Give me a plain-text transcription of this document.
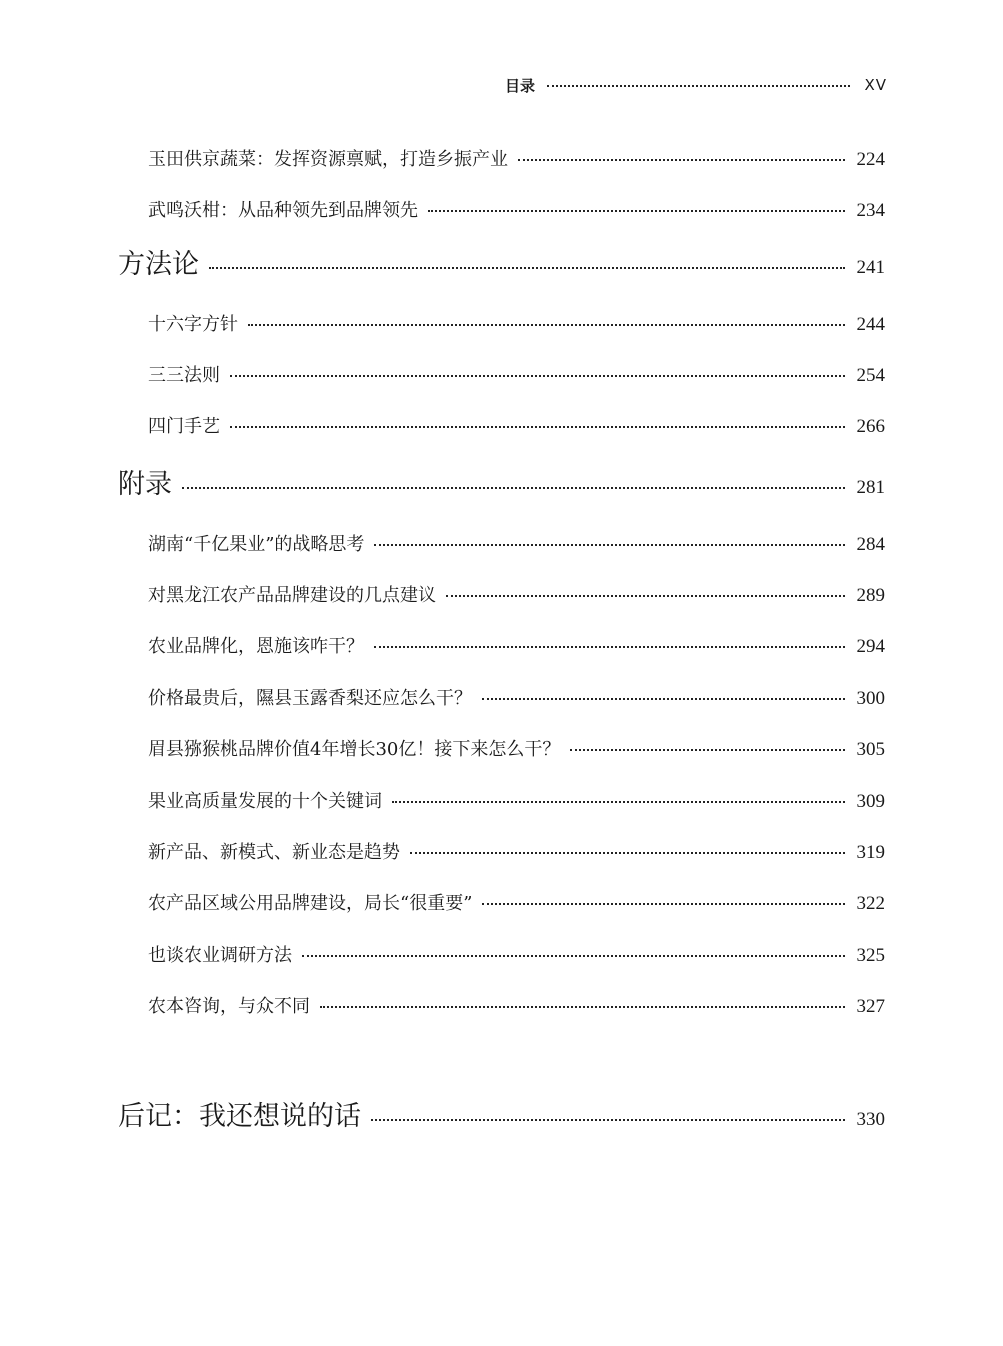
目录	XV
玉田供京蔬菜：发挥资源禀赋，打造乡振产业	224
武鸣沃柑：从品种领先到品牌领先	234
方法论	241
十六字方针	244
三三法则	254
四门手艺	266
附录	281
湖南“千亿果业”的战略思考	284
对黑龙江农产品品牌建设的几点建议	289
农业品牌化，恩施该咋干？	294
价格最贵后，隰县玉露香梨还应怎么干？	300
眉县猕猴桃品牌价值4年增长30亿！接下来怎么干？	305
果业高质量发展的十个关键词	309
新产品、新模式、新业态是趋势	319
农产品区域公用品牌建设，局长“很重要”	322
也谈农业调研方法	325
农本咨询，与众不同	327
后记：我还想说的话	330
